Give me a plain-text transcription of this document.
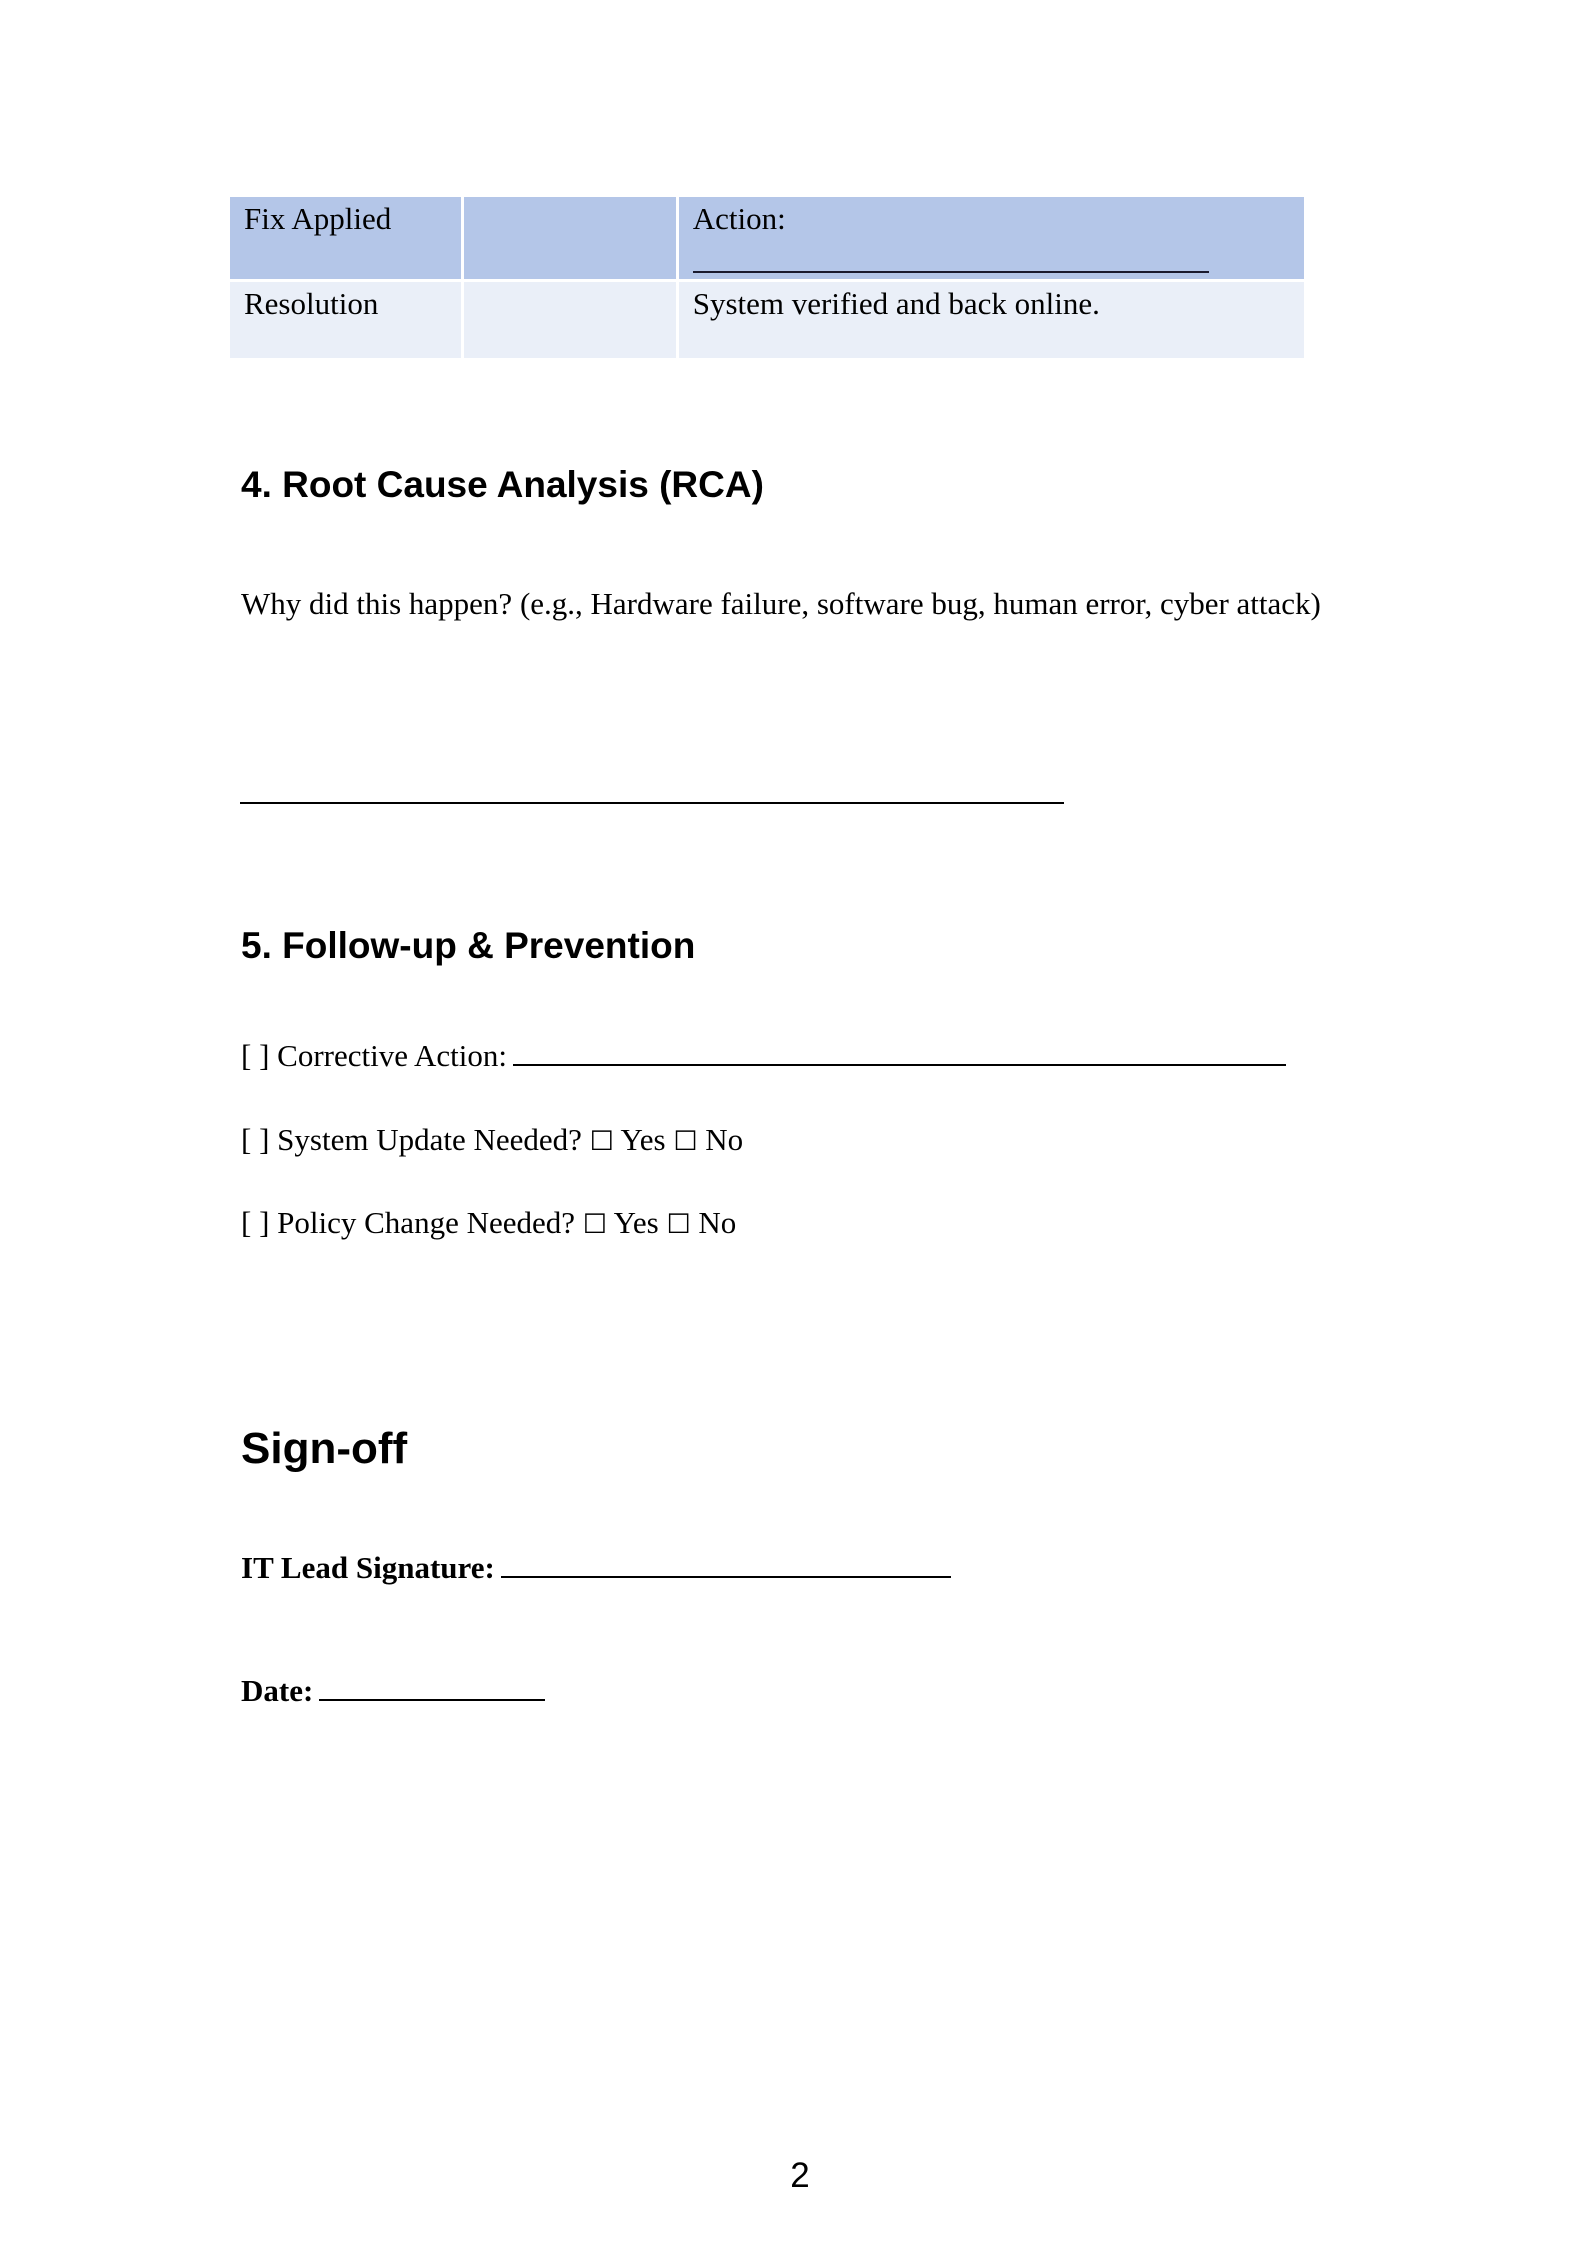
Fix Applied		Action:

Resolution		System verified and back online.
4. Root Cause Analysis (RCA)

Why did this happen? (e.g., Hardware failure, software bug, human error, cyber attack)

5. Follow-up & Prevention

[ ] Corrective Action:

[ ] System Update Needed? ☐ Yes ☐ No

[ ] Policy Change Needed? ☐ Yes ☐ No

Sign-off

IT Lead Signature:

Date:

2
